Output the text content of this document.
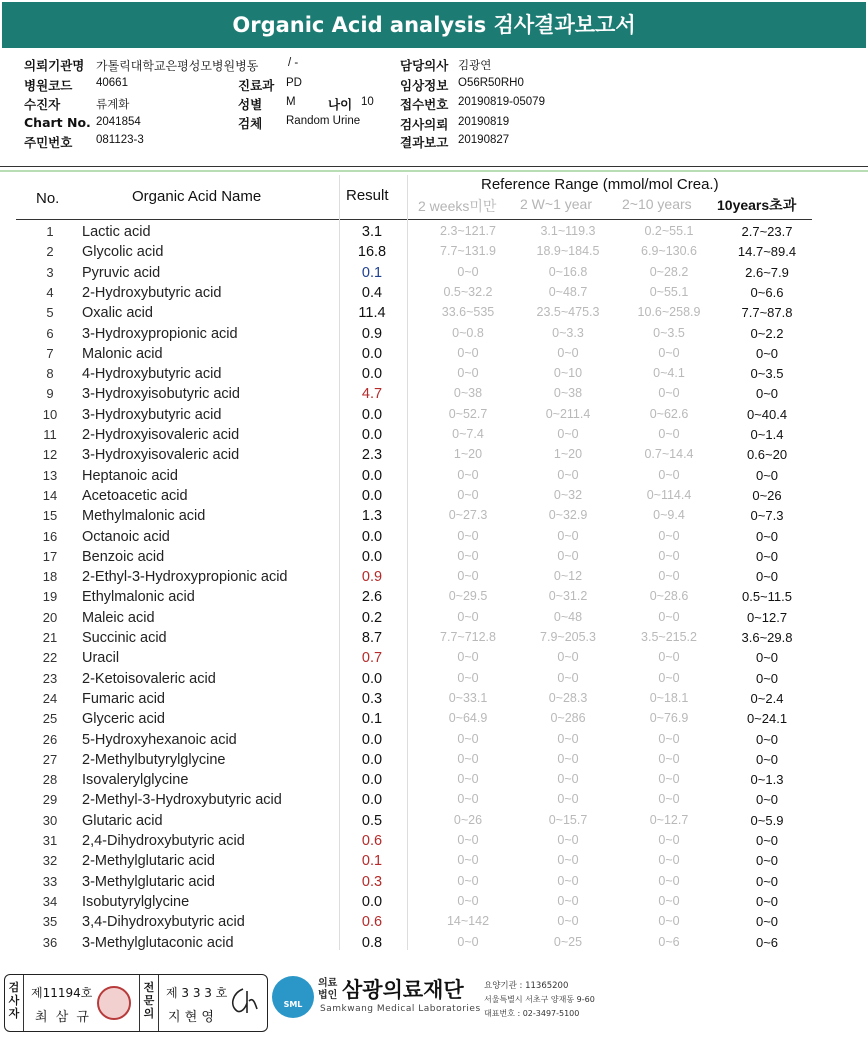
Organic Acid analysis 검사결과보고서
의뢰기관명 가톨릭대학교은평성모병원병동	/ -
병원코드 40661	진료과 PD
수진자	류계화	성별 M	나이 10
Chart No. 2041854	검체 Random Urine
주민번호 081123-3
담당의사 김광연
임상정보 O56R50RH0
접수번호 20190819-05079
검사의뢰 20190819
결과보고 20190827
No.	Organic Acid Name	Result
Reference Range (mmol/mol Crea.)
2 weeks미만 2 W~1 year 2~10 years 10years초과
1	Lactic acid	3.1	2.3~121.7	3.1~119.3	0.2~55.1	2.7~23.7
2	Glycolic acid	16.8	7.7~131.9	18.9~184.5	6.9~130.6	14.7~89.4
3	Pyruvic acid	0.1	0~0	0~16.8	0~28.2	2.6~7.9
4	2-Hydroxybutyric acid	0.4	0.5~32.2	0~48.7	0~55.1	0~6.6
5	Oxalic acid	11.4	33.6~535	23.5~475.3	10.6~258.9	7.7~87.8
6	3-Hydroxypropionic acid	0.9	0~0.8	0~3.3	0~3.5	0~2.2
7	Malonic acid	0.0	0~0	0~0	0~0	0~0
8	4-Hydroxybutyric acid	0.0	0~0	0~10	0~4.1	0~3.5
9	3-Hydroxyisobutyric acid	4.7	0~38	0~38	0~0	0~0
10	3-Hydroxybutyric acid	0.0	0~52.7	0~211.4	0~62.6	0~40.4
11	2-Hydroxyisovaleric acid	0.0	0~7.4	0~0	0~0	0~1.4
12	3-Hydroxyisovaleric acid	2.3	1~20	1~20	0.7~14.4	0.6~20
13	Heptanoic acid	0.0	0~0	0~0	0~0	0~0
14	Acetoacetic acid	0.0	0~0	0~32	0~114.4	0~26
15	Methylmalonic acid	1.3	0~27.3	0~32.9	0~9.4	0~7.3
16	Octanoic acid	0.0	0~0	0~0	0~0	0~0
17	Benzoic acid	0.0	0~0	0~0	0~0	0~0
18	2-Ethyl-3-Hydroxypropionic acid	0.9	0~0	0~12	0~0	0~0
19	Ethylmalonic acid	2.6	0~29.5	0~31.2	0~28.6	0.5~11.5
20	Maleic acid	0.2	0~0	0~48	0~0	0~12.7
21	Succinic acid	8.7	7.7~712.8	7.9~205.3	3.5~215.2	3.6~29.8
22	Uracil	0.7	0~0	0~0	0~0	0~0
23	2-Ketoisovaleric acid	0.0	0~0	0~0	0~0	0~0
24	Fumaric acid	0.3	0~33.1	0~28.3	0~18.1	0~2.4
25	Glyceric acid	0.1	0~64.9	0~286	0~76.9	0~24.1
26	5-Hydroxyhexanoic acid	0.0	0~0	0~0	0~0	0~0
27	2-Methylbutyrylglycine	0.0	0~0	0~0	0~0	0~0
28	Isovalerylglycine	0.0	0~0	0~0	0~0	0~1.3
29	2-Methyl-3-Hydroxybutyric acid	0.0	0~0	0~0	0~0	0~0
30	Glutaric acid	0.5	0~26	0~15.7	0~12.7	0~5.9
31	2,4-Dihydroxybutyric acid	0.6	0~0	0~0	0~0	0~0
32	2-Methylglutaric acid	0.1	0~0	0~0	0~0	0~0
33	3-Methylglutaric acid	0.3	0~0	0~0	0~0	0~0
34	Isobutyrylglycine	0.0	0~0	0~0	0~0	0~0
35	3,4-Dihydroxybutyric acid	0.6	14~142	0~0	0~0	0~0
36	3-Methylglutaconic acid	0.8	0~0	0~25	0~6	0~6
검
사
자
제11194호
최 삼 규
전
문
의
제 3 3 3 호
지 현 영
SML
의료
법인 삼광의료재단
Samkwang Medical Laboratories
요양기관 : 11365200
서울특별시 서초구 양재동 9-60
대표번호 : 02-3497-5100
